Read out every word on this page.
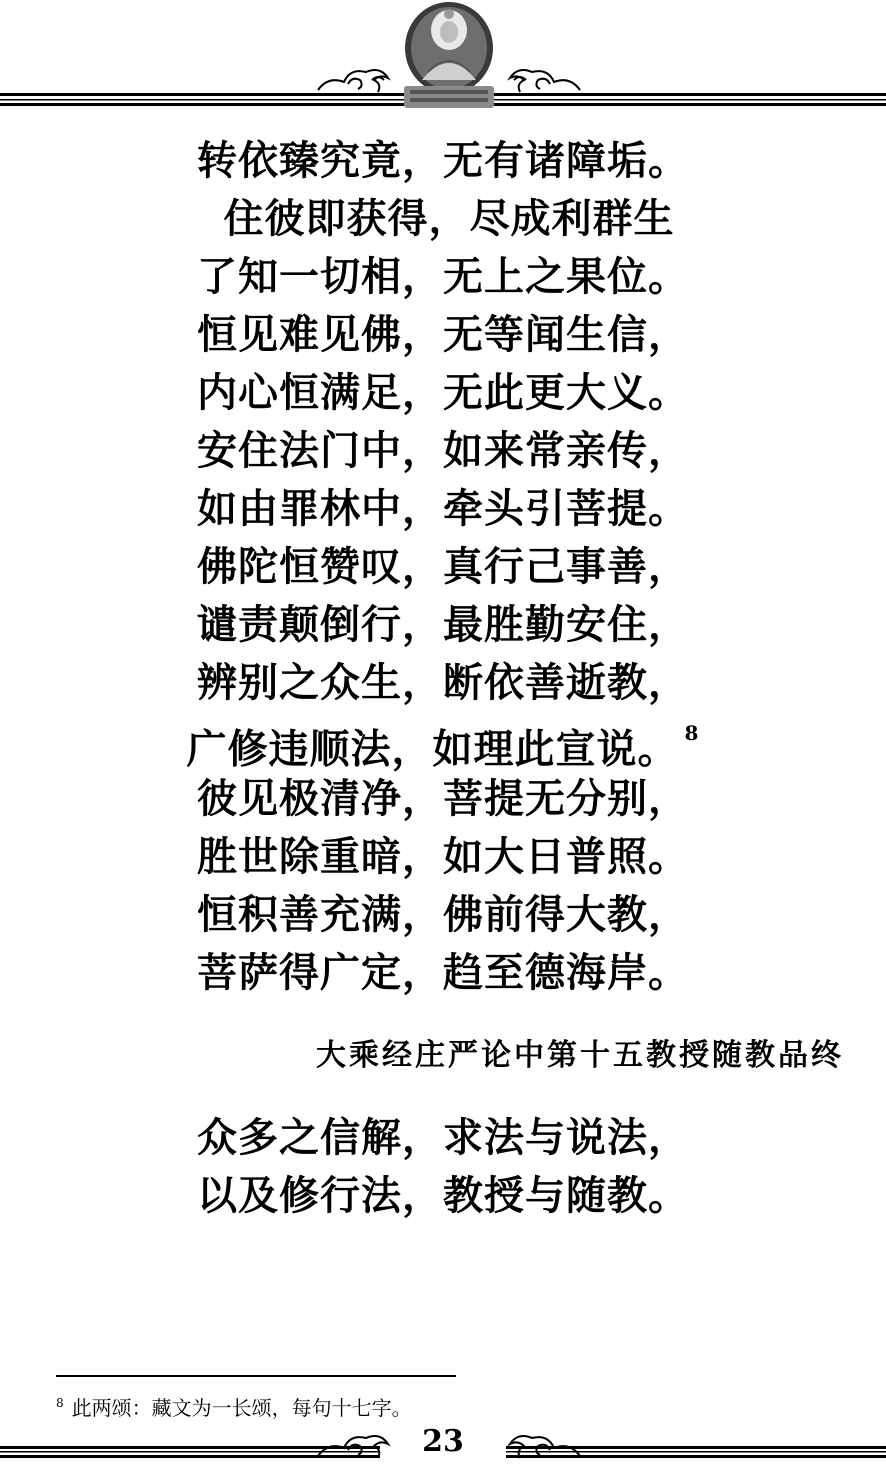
转依臻究竟，无有诸障垢。
住彼即获得，尽成利群生
了知一切相，无上之果位。
恒见难见佛，无等闻生信，
内心恒满足，无此更大义。
安住法门中，如来常亲传，
如由罪林中，牵头引菩提。
佛陀恒赞叹，真行己事善，
谴责颠倒行，最胜勤安住，
辨别之众生，断依善逝教，
广修违顺法，如理此宣说。 $^8$
彼见极清净，菩提无分别，
胜世除重暗，如大日普照。
恒积善充满，佛前得大教，
菩萨得广定，趋至德海岸。
大乘经庄严论中第十五教授随教品终
众多之信解，求法与说法，
以及修行法，教授与随教。
$^8$ 此两颂：藏文为一长颂，每句十七字。
23
